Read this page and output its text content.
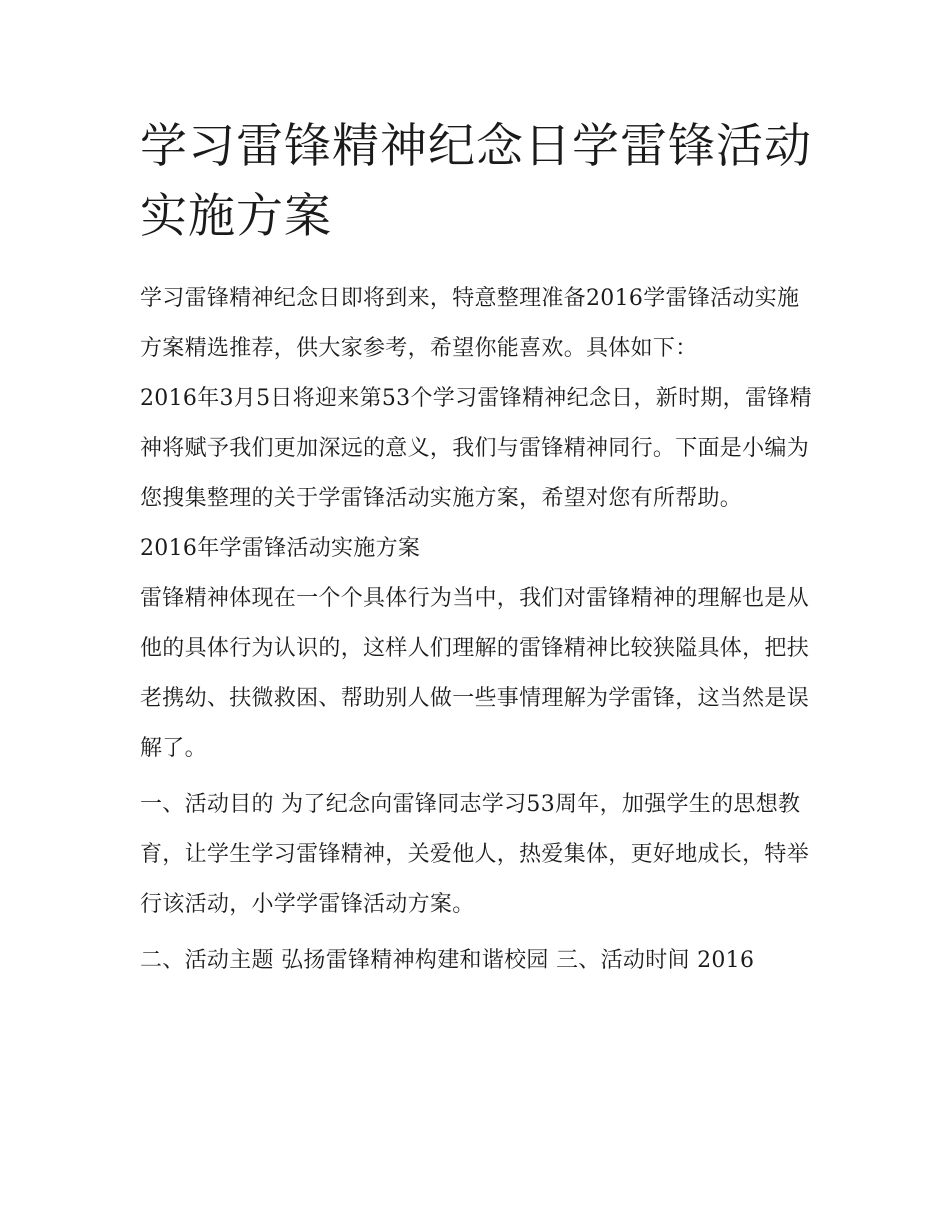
学习雷锋精神纪念日学雷锋活动实施方案

学习雷锋精神纪念日即将到来，特意整理准备2016学雷锋活动实施方案精选推荐，供大家参考，希望你能喜欢。具体如下：

2016年3月5日将迎来第53个学习雷锋精神纪念日，新时期，雷锋精神将赋予我们更加深远的意义，我们与雷锋精神同行。下面是小编为您搜集整理的关于学雷锋活动实施方案，希望对您有所帮助。

2016年学雷锋活动实施方案

雷锋精神体现在一个个具体行为当中，我们对雷锋精神的理解也是从他的具体行为认识的，这样人们理解的雷锋精神比较狭隘具体，把扶老携幼、扶微救困、帮助别人做一些事情理解为学雷锋，这当然是误解了。

一、活动目的 为了纪念向雷锋同志学习53周年，加强学生的思想教育，让学生学习雷锋精神，关爱他人，热爱集体，更好地成长，特举行该活动，小学学雷锋活动方案。

二、活动主题 弘扬雷锋精神构建和谐校园 三、活动时间 2016
